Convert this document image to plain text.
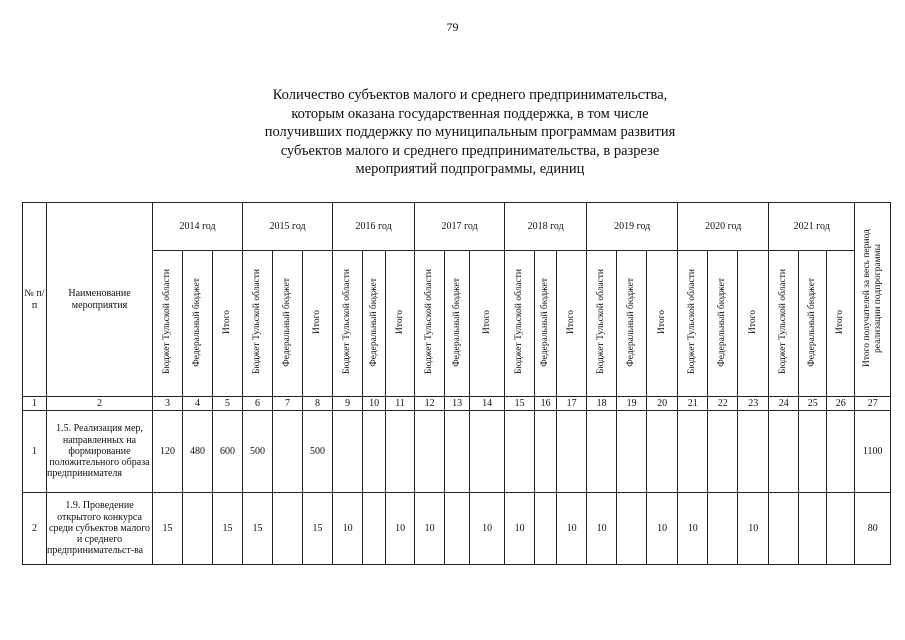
79
Количество субъектов малого и среднего предпринимательства,
которым оказана государственная поддержка, в том числе
получивших поддержку по муниципальным программам развития
субъектов малого и среднего предпринимательства, в разрезе
мероприятий подпрограммы, единиц
№ п/п	Наименование мероприятия	2014 год			2015 год			2016 год			2017 год			2018 год			2019 год			2020 год			2021 год			Итого получателей за весь период реализации подпрограммы
		Бюджет Тульской области	Федеральный бюджет	Итого	Бюджет Тульской области	Федеральный бюджет	Итого	Бюджет Тульской области	Федеральный бюджет	Итого	Бюджет Тульской области	Федеральный бюджет	Итого	Бюджет Тульской области	Федеральный бюджет	Итого	Бюджет Тульской области	Федеральный бюджет	Итого	Бюджет Тульской области	Федеральный бюджет	Итого	Бюджет Тульской области	Федеральный бюджет	Итого	
1	2	3	4	5	6	7	8	9	10	11	12	13	14	15	16	17	18	19	20	21	22	23	24	25	26	27
1	1.5. Реализация мер, направленных на формирование положительного образа предпринимателя	120	480	600	500		500																			1100
2	1.9. Проведение открытого конкурса среди субъектов малого и среднего предпринимательст-ва	15		15	15		15	10		10	10		10	10		10	10		10	10		10				80
